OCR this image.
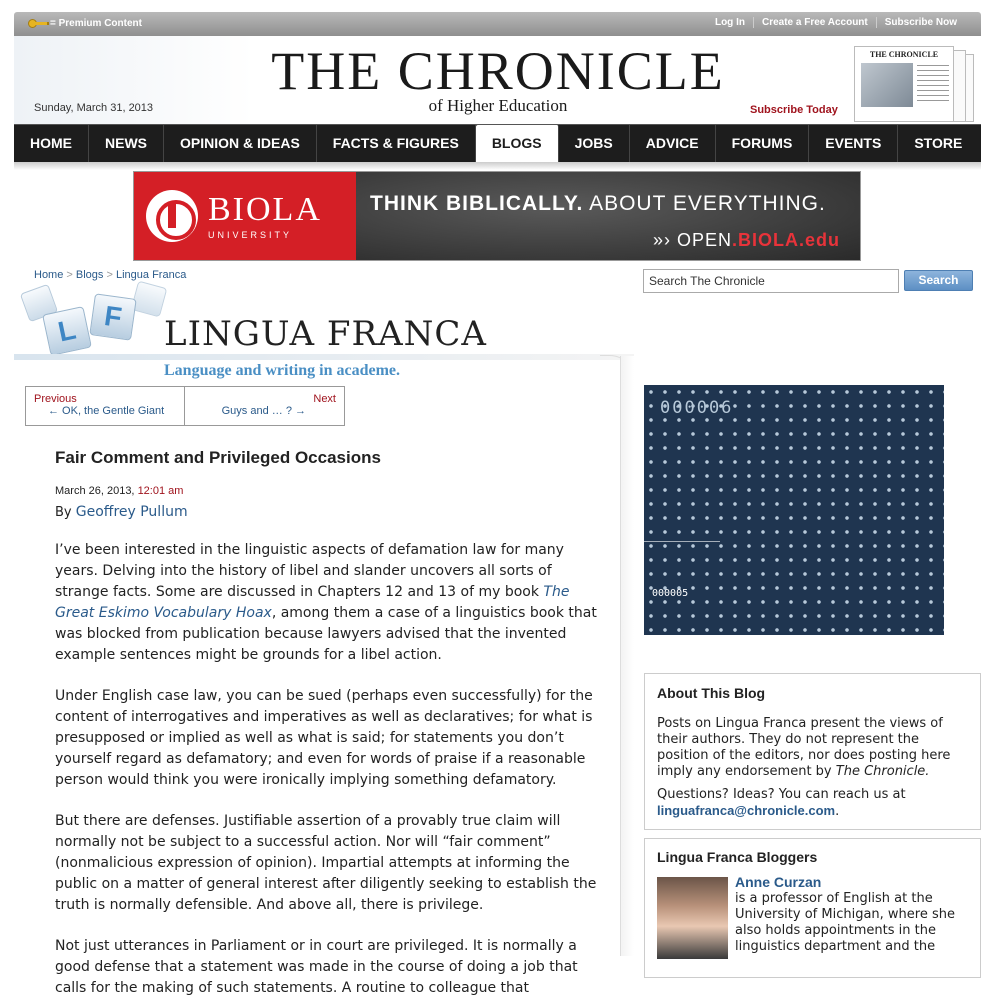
= Premium Content	Log In	Create a Free Account	Subscribe Now
Sunday, March 31, 2013
THE CHRONICLE
of Higher Education	Subscribe Today
THE CHRONICLE
HOME	NEWS	OPINION & IDEAS	FACTS & FIGURES	BLOGS	JOBS	ADVICE	FORUMS	EVENTS	STORE
BIOLA
UNIVERSITY
THINK BIBLICALLY. ABOUT EVERYTHING.
»› OPEN.BIOLA.edu
Home > Blogs > Lingua Franca
Search The Chronicle	Search
L F	LINGUA FRANCA
Language and writing in academe.
Previous
← OK, the Gentle Giant
Next
Guys and … ? →
Fair Comment and Privileged Occasions
March 26, 2013, 12:01 am
By Geoffrey Pullum

I’ve been interested in the linguistic aspects of defamation law for many years. Delving into the history of libel and slander uncovers all sorts of strange facts. Some are discussed in Chapters 12 and 13 of my book The Great Eskimo Vocabulary Hoax, among them a case of a linguistics book that was blocked from publication because lawyers advised that the invented example sentences might be grounds for a libel action.

Under English case law, you can be sued (perhaps even successfully) for the content of interrogatives and imperatives as well as declaratives; for what is presupposed or implied as well as what is said; for statements you don’t yourself regard as defamatory; and even for words of praise if a reasonable person would think you were ironically implying something defamatory.

But there are defenses. Justifiable assertion of a provably true claim will normally not be subject to a successful action. Nor will “fair comment” (nonmalicious expression of opinion). Impartial attempts at informing the public on a matter of general interest after diligently seeking to establish the truth is normally defensible. And above all, there is privilege.

Not just utterances in Parliament or in court are privileged. It is normally a good defense that a statement was made in the course of doing a job that calls for the making of such statements. A routine to colleague that

000006
000005
About This Blog

Posts on Lingua Franca present the views of their authors. They do not represent the position of the editors, nor does posting here imply any endorsement by The Chronicle.

Questions? Ideas? You can reach us at
linguafranca@chronicle.com.

Lingua Franca Bloggers
Anne Curzan
is a professor of English at the University of Michigan, where she also holds appointments in the linguistics department and the
